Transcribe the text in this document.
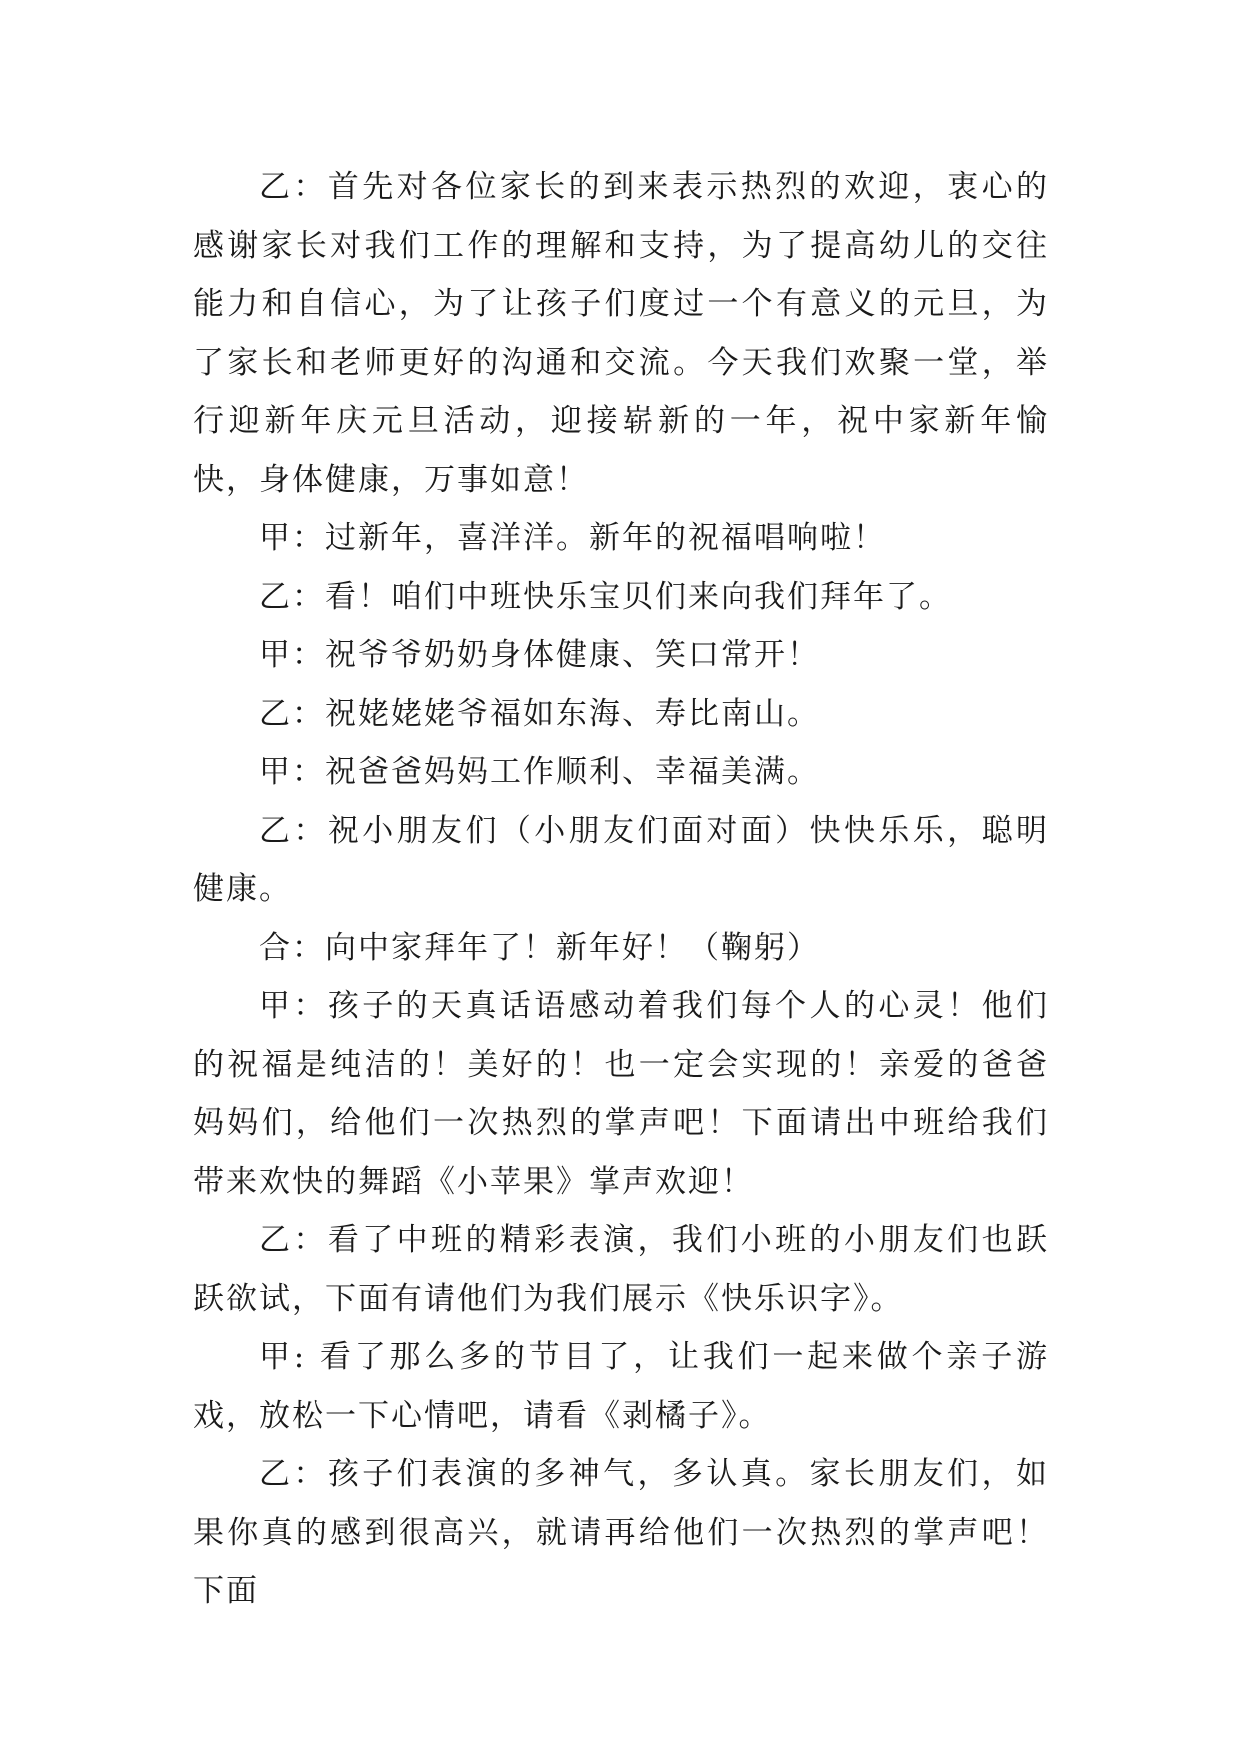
乙：首先对各位家长的到来表示热烈的欢迎，衷心的感谢家长对我们工作的理解和支持，为了提高幼儿的交往能力和自信心，为了让孩子们度过一个有意义的元旦，为了家长和老师更好的沟通和交流。今天我们欢聚一堂，举行迎新年庆元旦活动，迎接崭新的一年，祝中家新年愉快，身体健康，万事如意！

甲：过新年，喜洋洋。新年的祝福唱响啦！

乙：看！咱们中班快乐宝贝们来向我们拜年了。

甲：祝爷爷奶奶身体健康、笑口常开！

乙：祝姥姥姥爷福如东海、寿比南山。

甲：祝爸爸妈妈工作顺利、幸福美满。

乙：祝小朋友们（小朋友们面对面）快快乐乐，聪明健康。

合：向中家拜年了！新年好！（鞠躬）

甲：孩子的天真话语感动着我们每个人的心灵！他们的祝福是纯洁的！美好的！也一定会实现的！亲爱的爸爸妈妈们，给他们一次热烈的掌声吧！下面请出中班给我们带来欢快的舞蹈《小苹果》掌声欢迎！

乙：看了中班的精彩表演，我们小班的小朋友们也跃跃欲试，下面有请他们为我们展示《快乐识字》。

甲: 看了那么多的节目了，让我们一起来做个亲子游戏，放松一下心情吧，请看《剥橘子》。

乙：孩子们表演的多神气，多认真。家长朋友们，如果你真的感到很高兴，就请再给他们一次热烈的掌声吧！下面
